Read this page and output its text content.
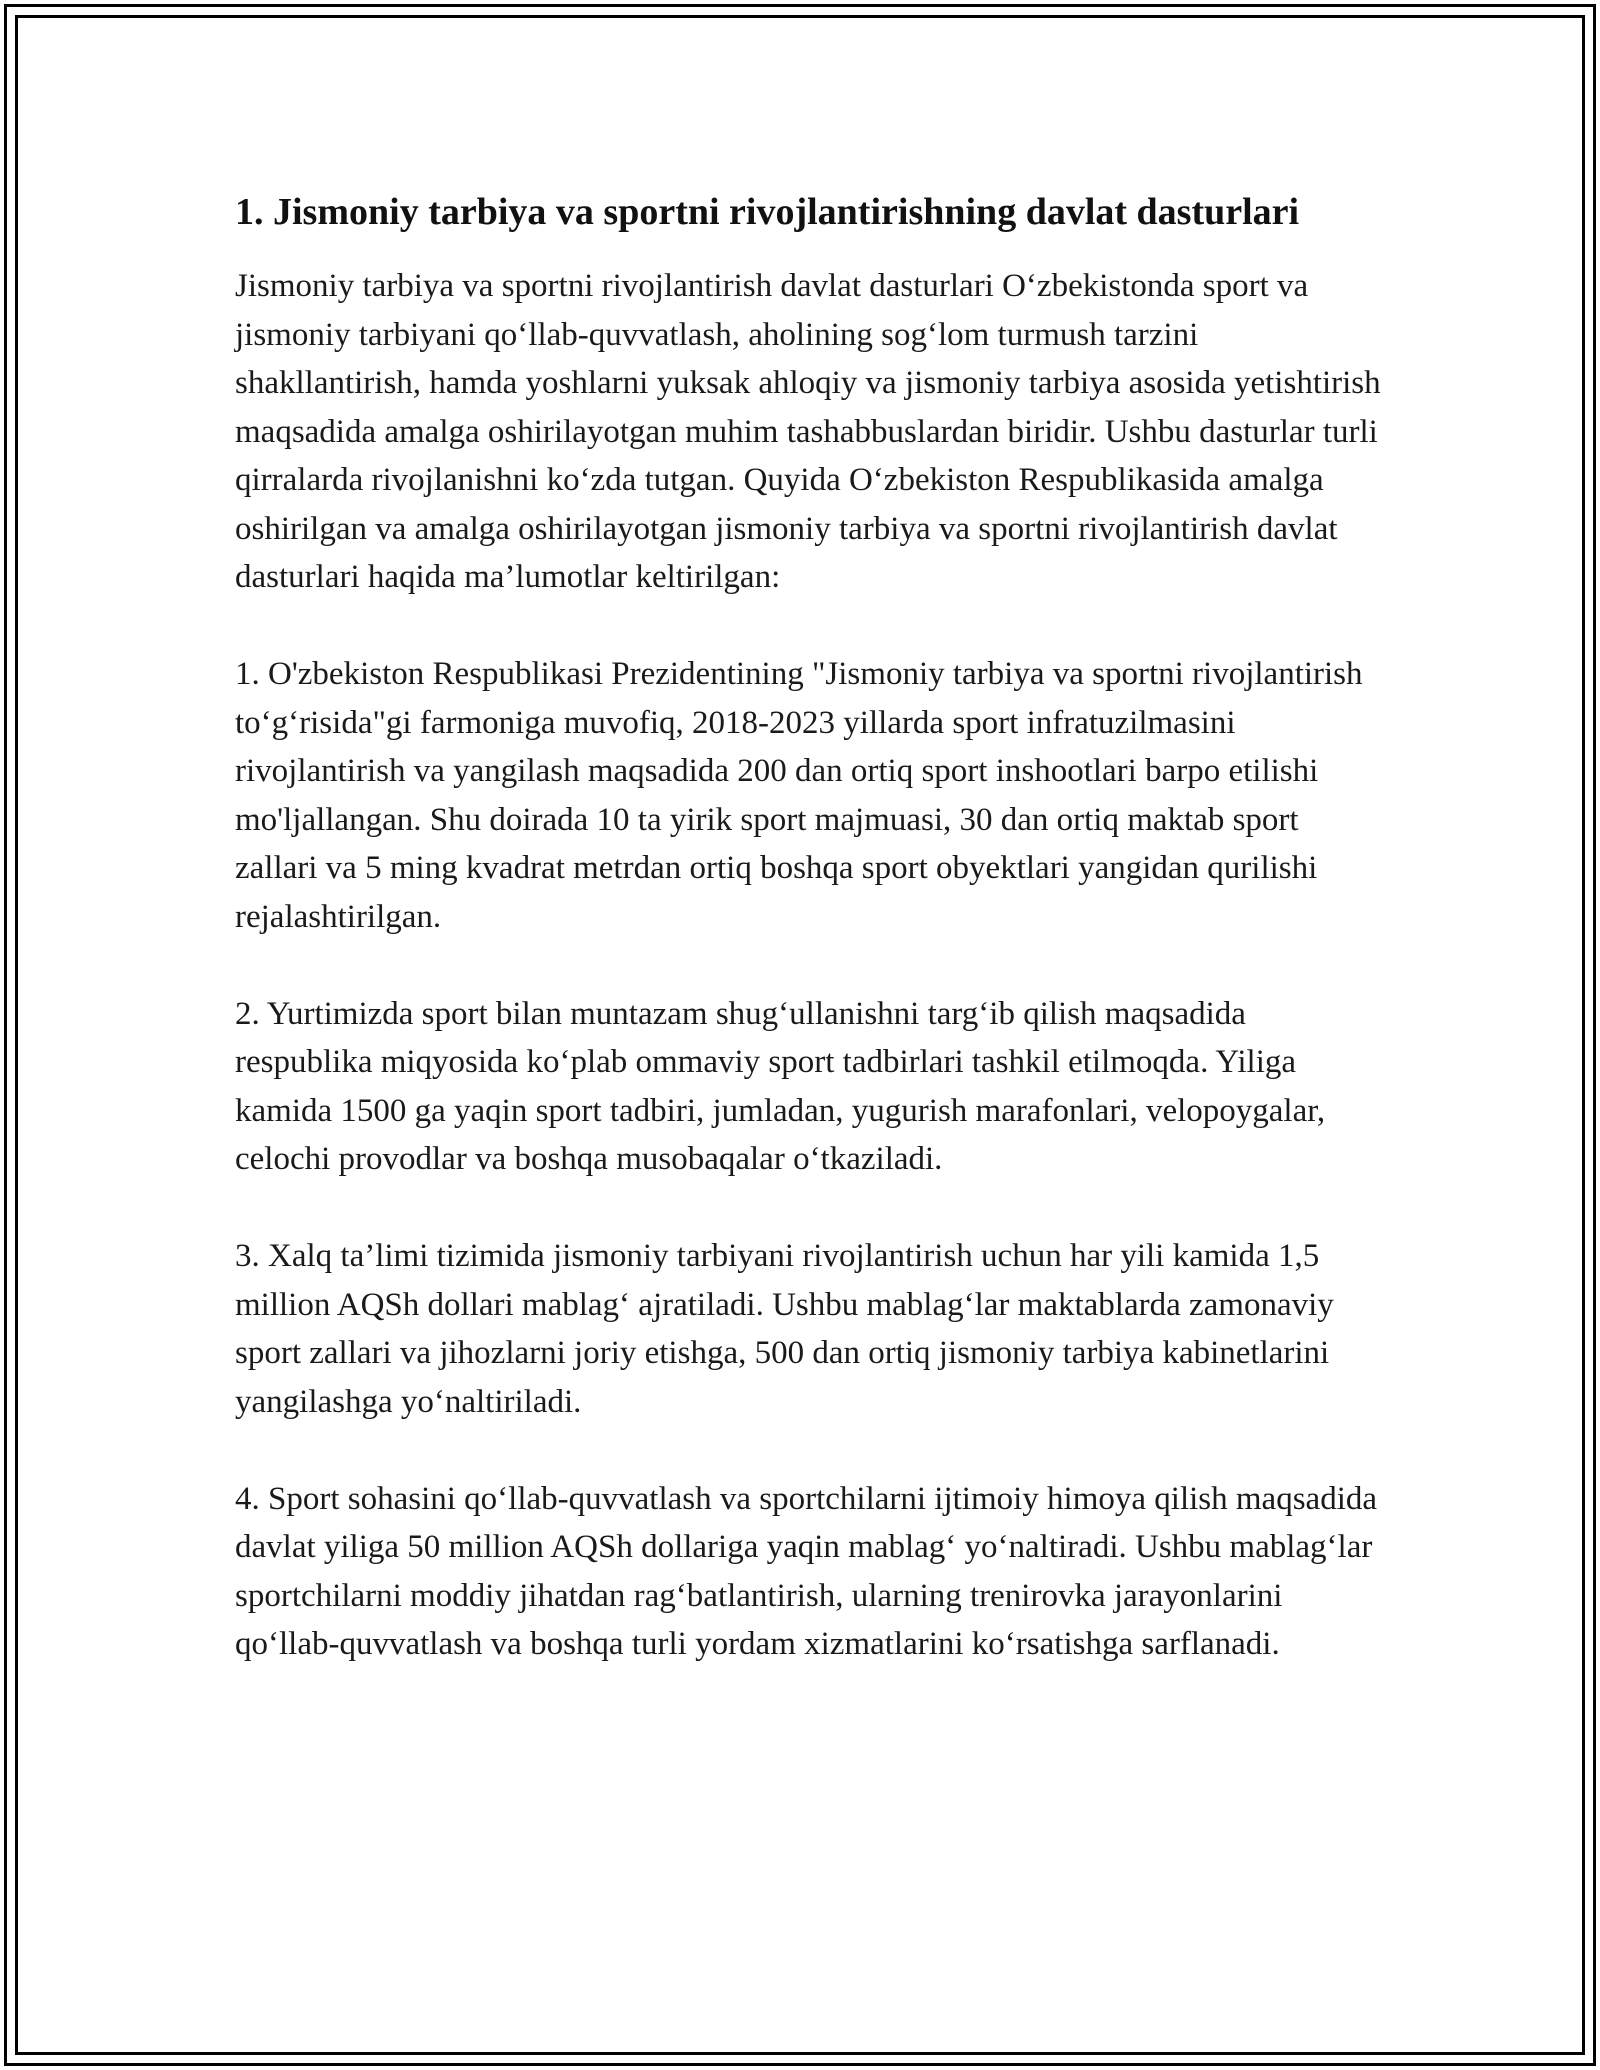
1. Jismoniy tarbiya va sportni rivojlantirishning davlat dasturlari

Jismoniy tarbiya va sportni rivojlantirish davlat dasturlari O‘zbekistonda sport va jismoniy tarbiyani qo‘llab-quvvatlash, aholining sog‘lom turmush tarzini shakllantirish, hamda yoshlarni yuksak ahloqiy va jismoniy tarbiya asosida yetishtirish maqsadida amalga oshirilayotgan muhim tashabbuslardan biridir. Ushbu dasturlar turli qirralarda rivojlanishni ko‘zda tutgan. Quyida O‘zbekiston Respublikasida amalga oshirilgan va amalga oshirilayotgan jismoniy tarbiya va sportni rivojlantirish davlat dasturlari haqida ma’lumotlar keltirilgan:

1. O'zbekiston Respublikasi Prezidentining "Jismoniy tarbiya va sportni rivojlantirish to‘g‘risida"gi farmoniga muvofiq, 2018-2023 yillarda sport infratuzilmasini rivojlantirish va yangilash maqsadida 200 dan ortiq sport inshootlari barpo etilishi mo'ljallangan. Shu doirada 10 ta yirik sport majmuasi, 30 dan ortiq maktab sport zallari va 5 ming kvadrat metrdan ortiq boshqa sport obyektlari yangidan qurilishi rejalashtirilgan.

2. Yurtimizda sport bilan muntazam shug‘ullanishni targ‘ib qilish maqsadida respublika miqyosida ko‘plab ommaviy sport tadbirlari tashkil etilmoqda. Yiliga kamida 1500 ga yaqin sport tadbiri, jumladan, yugurish marafonlari, velopoygalar, celochi provodlar va boshqa musobaqalar o‘tkaziladi.

3. Xalq ta’limi tizimida jismoniy tarbiyani rivojlantirish uchun har yili kamida 1,5 million AQSh dollari mablag‘ ajratiladi. Ushbu mablag‘lar maktablarda zamonaviy sport zallari va jihozlarni joriy etishga, 500 dan ortiq jismoniy tarbiya kabinetlarini yangilashga yo‘naltiriladi.

4. Sport sohasini qo‘llab-quvvatlash va sportchilarni ijtimoiy himoya qilish maqsadida davlat yiliga 50 million AQSh dollariga yaqin mablag‘ yo‘naltiradi. Ushbu mablag‘lar sportchilarni moddiy jihatdan rag‘batlantirish, ularning trenirovka jarayonlarini qo‘llab-quvvatlash va boshqa turli yordam xizmatlarini ko‘rsatishga sarflanadi.
